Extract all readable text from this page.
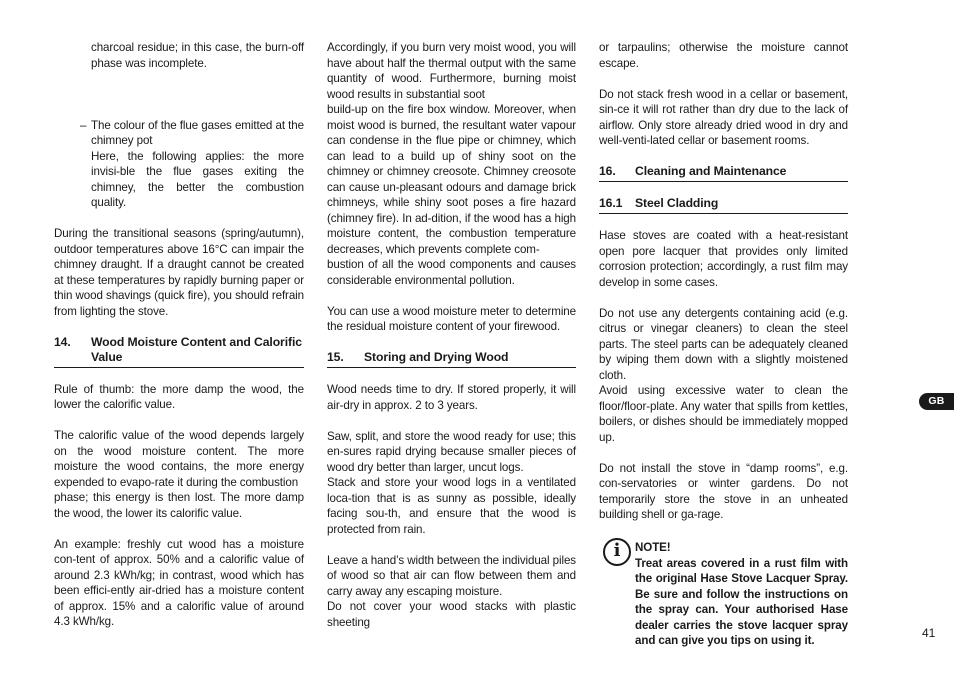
charcoal residue; in this case, the burn-off phase was incomplete.

– The colour of the flue gases emitted at the chimney pot

Here, the following applies: the more invisi-ble the flue gases exiting the chimney, the better the combustion quality.

During the transitional seasons (spring/autumn), outdoor temperatures above 16°C can impair the chimney draught. If a draught cannot be created at these temperatures by rapidly burning paper or thin wood shavings (quick fire), you should refrain from lighting the stove.

14. Wood Moisture Content and Calorific Value

Rule of thumb: the more damp the wood, the lower the calorific value.

The calorific value of the wood depends largely on the wood moisture content. The more moisture the wood contains, the more energy expended to evapo-rate it during the combustion

phase; this energy is then lost. The more damp the wood, the lower its calorific value.

An example: freshly cut wood has a moisture con-tent of approx. 50% and a calorific value of around 2.3 kWh/kg; in contrast, wood which has been effici-ently air-dried has a moisture content of approx. 15% and a calorific value of around 4.3 kWh/kg.

Accordingly, if you burn very moist wood, you will have about half the thermal output with the same quantity of wood. Furthermore, burning moist wood results in substantial soot

build-up on the fire box window. Moreover, when moist wood is burned, the resultant water vapour can condense in the flue pipe or chimney, which can lead to a build up of shiny soot on the chimney or chimney creosote. Chimney creosote can cause un-pleasant odours and damage brick chimneys, while shiny soot poses a fire hazard (chimney fire). In ad-dition, if the wood has a high moisture content, the combustion temperature decreases, which prevents complete com-

bustion of all the wood components and causes considerable environmental pollution.

You can use a wood moisture meter to determine the residual moisture content of your firewood.

15. Storing and Drying Wood

Wood needs time to dry. If stored properly, it will air-dry in approx. 2 to 3 years.

Saw, split, and store the wood ready for use; this en-sures rapid drying because smaller pieces of wood dry better than larger, uncut logs.

Stack and store your wood logs in a ventilated loca-tion that is as sunny as possible, ideally facing sou-th, and ensure that the wood is protected from rain.

Leave a hand’s width between the individual piles of wood so that air can flow between them and carry away any escaping moisture.

Do not cover your wood stacks with plastic sheeting

or tarpaulins; otherwise the moisture cannot escape.

Do not stack fresh wood in a cellar or basement, sin-ce it will rot rather than dry due to the lack of airflow. Only store already dried wood in dry and well-venti-lated cellar or basement rooms.

16. Cleaning and Maintenance
16.1 Steel Cladding

Hase stoves are coated with a heat-resistant open pore lacquer that provides only limited corrosion protection; accordingly, a rust film may develop in some cases.

Do not use any detergents containing acid (e.g. citrus or vinegar cleaners) to clean the steel parts. The steel parts can be adequately cleaned by wiping them down with a slightly moistened cloth.

Avoid using excessive water to clean the floor/floor-plate. Any water that spills from kettles, boilers, or dishes should be immediately mopped up.

Do not install the stove in “damp rooms”, e.g. con-servatories or winter gardens. Do not temporarily store the stove in an unheated building shell or ga-rage.

i	NOTE!

Treat areas covered in a rust film with the original Hase Stove Lacquer Spray. Be sure and follow the instructions on the spray can. Your authorised Hase dealer carries the stove lacquer spray and can give you tips on using it.

GB
41
